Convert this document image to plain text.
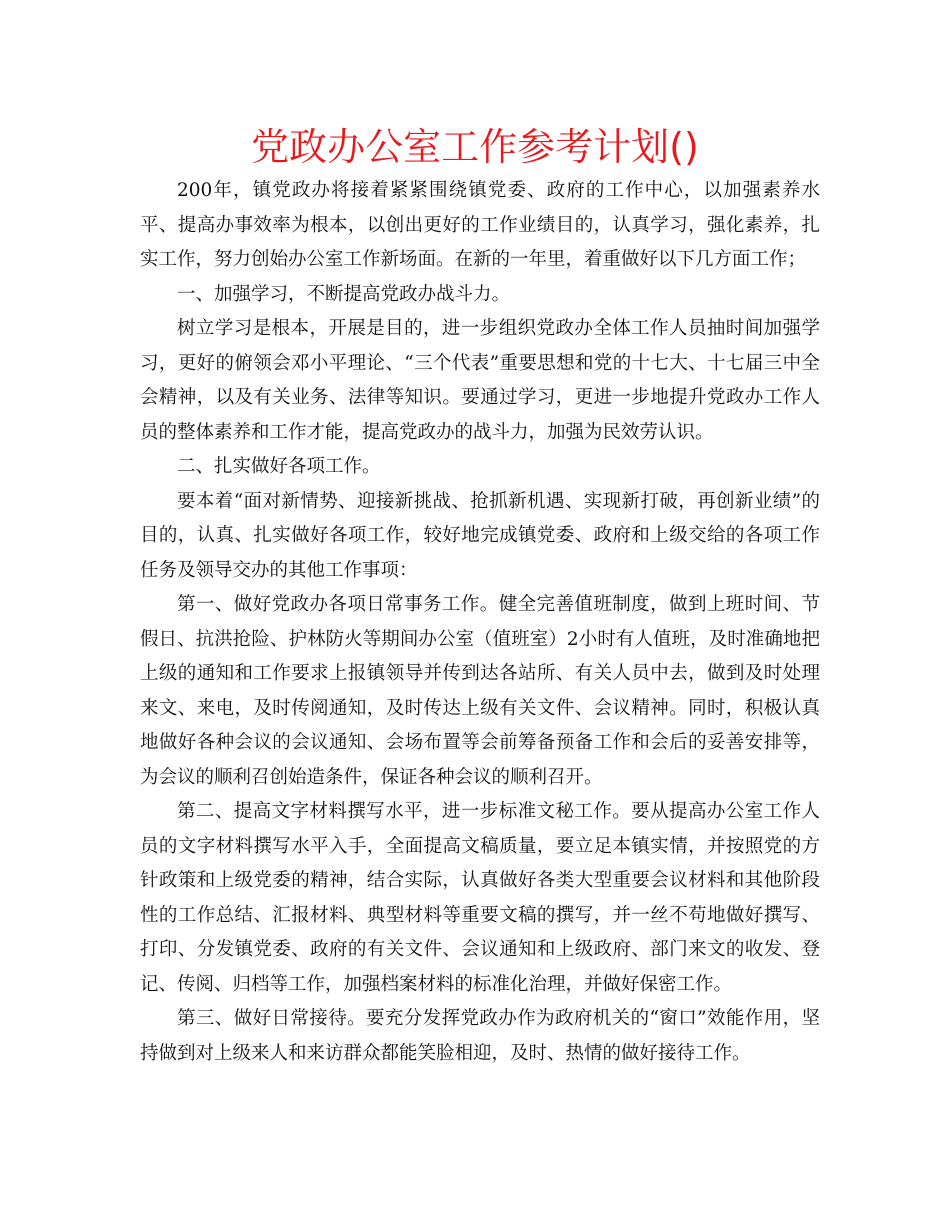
党政办公室工作参考计划()

200年，镇党政办将接着紧紧围绕镇党委、政府的工作中心，以加强素养水平、提高办事效率为根本，以创出更好的工作业绩目的，认真学习，强化素养，扎实工作，努力创始办公室工作新场面。在新的一年里，着重做好以下几方面工作；

一、加强学习，不断提高党政办战斗力。

树立学习是根本，开展是目的，进一步组织党政办全体工作人员抽时间加强学习，更好的俯领会邓小平理论、“三个代表”重要思想和党的十七大、十七届三中全会精神，以及有关业务、法律等知识。要通过学习，更进一步地提升党政办工作人员的整体素养和工作才能，提高党政办的战斗力，加强为民效劳认识。

二、扎实做好各项工作。

要本着“面对新情势、迎接新挑战、抢抓新机遇、实现新打破，再创新业绩”的目的，认真、扎实做好各项工作，较好地完成镇党委、政府和上级交给的各项工作任务及领导交办的其他工作事项：

第一、做好党政办各项日常事务工作。健全完善值班制度，做到上班时间、节假日、抗洪抢险、护林防火等期间办公室（值班室）2小时有人值班，及时准确地把上级的通知和工作要求上报镇领导并传到达各站所、有关人员中去，做到及时处理来文、来电，及时传阅通知，及时传达上级有关文件、会议精神。同时，积极认真地做好各种会议的会议通知、会场布置等会前筹备预备工作和会后的妥善安排等，为会议的顺利召创始造条件，保证各种会议的顺利召开。

第二、提高文字材料撰写水平，进一步标准文秘工作。要从提高办公室工作人员的文字材料撰写水平入手，全面提高文稿质量，要立足本镇实情，并按照党的方针政策和上级党委的精神，结合实际，认真做好各类大型重要会议材料和其他阶段性的工作总结、汇报材料、典型材料等重要文稿的撰写，并一丝不苟地做好撰写、打印、分发镇党委、政府的有关文件、会议通知和上级政府、部门来文的收发、登记、传阅、归档等工作，加强档案材料的标准化治理，并做好保密工作。

第三、做好日常接待。要充分发挥党政办作为政府机关的“窗口”效能作用，坚持做到对上级来人和来访群众都能笑脸相迎，及时、热情的做好接待工作。
